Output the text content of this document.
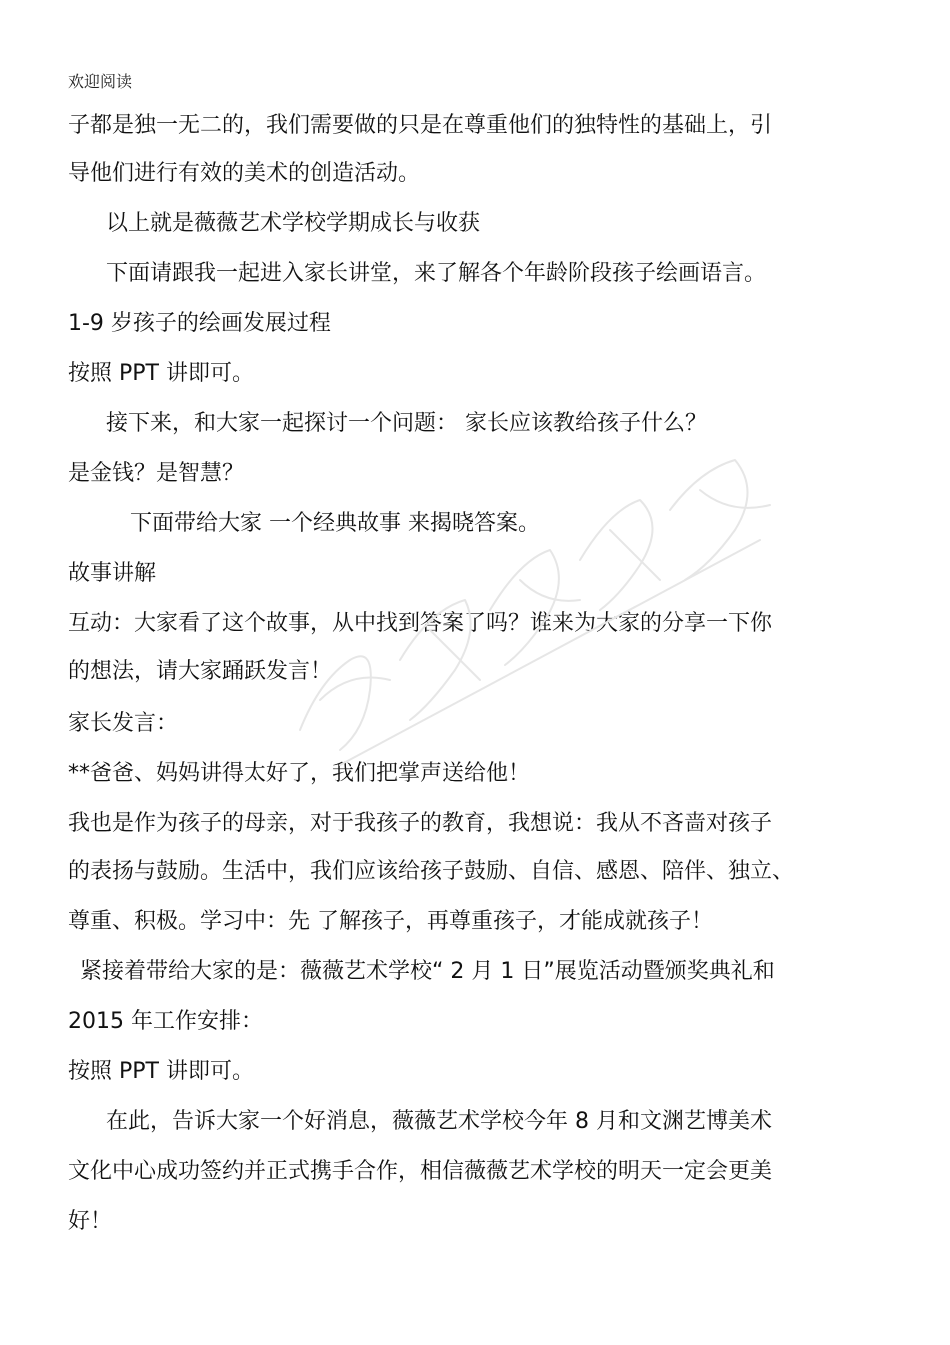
欢迎阅读
子都是独一无二的，我们需要做的只是在尊重他们的独特性的基础上，引
导他们进行有效的美术的创造活动。
以上就是薇薇艺术学校学期成长与收获
下面请跟我一起进入家长讲堂，来了解各个年龄阶段孩子绘画语言。
1-9 岁孩子的绘画发展过程
按照 PPT 讲即可。
接下来，和大家一起探讨一个问题： 家长应该教给孩子什么？
是金钱？是智慧？
下面带给大家 一个经典故事 来揭晓答案。
故事讲解
互动：大家看了这个故事，从中找到答案了吗？谁来为大家的分享一下你
的想法，请大家踊跃发言！
家长发言：
**爸爸、妈妈讲得太好了，我们把掌声送给他！
我也是作为孩子的母亲，对于我孩子的教育，我想说：我从不吝啬对孩子
的表扬与鼓励。生活中，我们应该给孩子鼓励、自信、感恩、陪伴、独立、
尊重、积极。学习中：先 了解孩子，再尊重孩子，才能成就孩子！
紧接着带给大家的是：薇薇艺术学校“ 2 月 1 日”展览活动暨颁奖典礼和
2015 年工作安排：
按照 PPT 讲即可。
在此，告诉大家一个好消息，薇薇艺术学校今年 8 月和文渊艺博美术
文化中心成功签约并正式携手合作，相信薇薇艺术学校的明天一定会更美
好！
